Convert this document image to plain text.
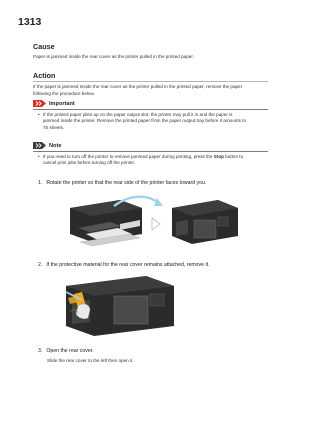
1313
Cause
Paper is jammed inside the rear cover as the printer pulled in the printed paper.
Action
If the paper is jammed inside the rear cover as the printer pulled in the printed paper, remove the paper
following the procedure below.
Important
• If the printed paper piles up on the paper output slot, the printer may pull it in and the paper is
jammed inside the printer. Remove the printed paper from the paper output tray before it amounts to
75 sheets.
Note
• If you need to turn off the printer to remove jammed paper during printing, press the Stop button to
cancel print jobs before turning off the printer.
1. Rotate the printer so that the rear side of the printer faces toward you.
2. If the protective material for the rear cover remains attached, remove it.
3. Open the rear cover.
Slide the rear cover to the left then open it.
